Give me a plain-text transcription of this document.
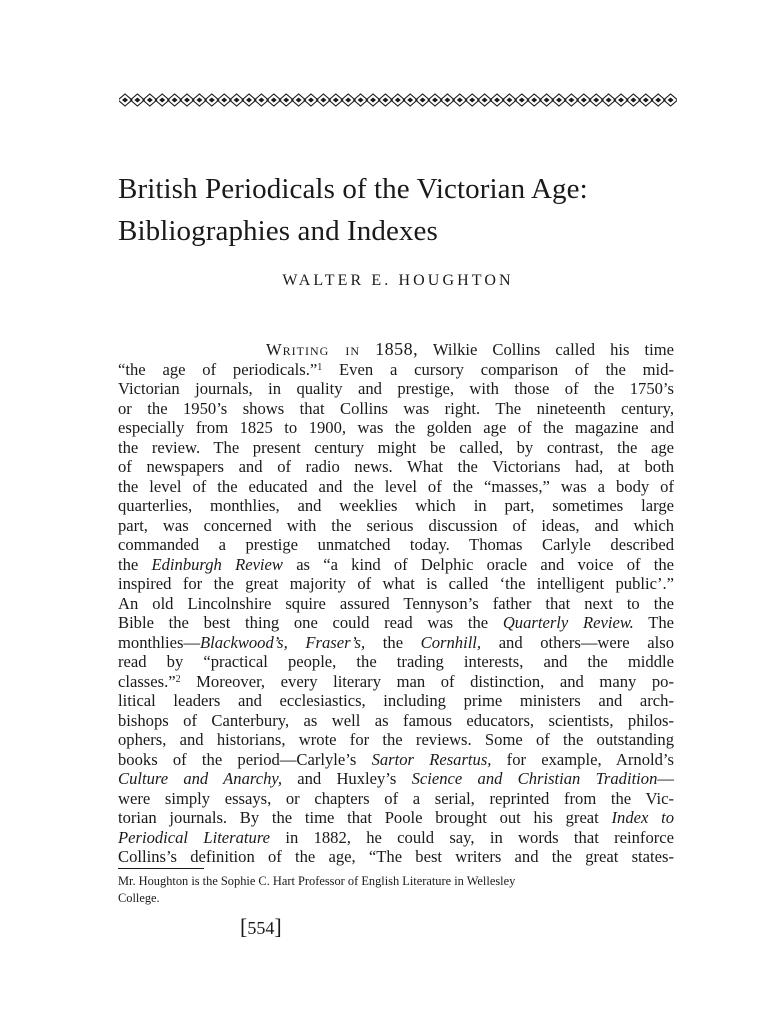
British Periodicals of the Victorian Age:
Bibliographies and Indexes
WALTER E. HOUGHTON
Writing in 1858, Wilkie Collins called his time
“the age of periodicals.”$^1$ Even a cursory comparison of the mid-
Victorian journals, in quality and prestige, with those of the 1750’s
or the 1950’s shows that Collins was right. The nineteenth century,
especially from 1825 to 1900, was the golden age of the magazine and
the review. The present century might be called, by contrast, the age
of newspapers and of radio news. What the Victorians had, at both
the level of the educated and the level of the “masses,” was a body of
quarterlies, monthlies, and weeklies which in part, sometimes large
part, was concerned with the serious discussion of ideas, and which
commanded a prestige unmatched today. Thomas Carlyle described
the Edinburgh Review as “a kind of Delphic oracle and voice of the
inspired for the great majority of what is called ‘the intelligent public’.”
An old Lincolnshire squire assured Tennyson’s father that next to the
Bible the best thing one could read was the Quarterly Review. The
monthlies—Blackwood’s, Fraser’s, the Cornhill, and others—were also
read by “practical people, the trading interests, and the middle
classes.”$^2$ Moreover, every literary man of distinction, and many po-
litical leaders and ecclesiastics, including prime ministers and arch-
bishops of Canterbury, as well as famous educators, scientists, philos-
ophers, and historians, wrote for the reviews. Some of the outstanding
books of the period—Carlyle’s Sartor Resartus, for example, Arnold’s
Culture and Anarchy, and Huxley’s Science and Christian Tradition—
were simply essays, or chapters of a serial, reprinted from the Vic-
torian journals. By the time that Poole brought out his great Index to
Periodical Literature in 1882, he could say, in words that reinforce
Collins’s definition of the age, “The best writers and the great states-
Mr. Houghton is the Sophie C. Hart Professor of English Literature in Wellesley
College.
[554]
